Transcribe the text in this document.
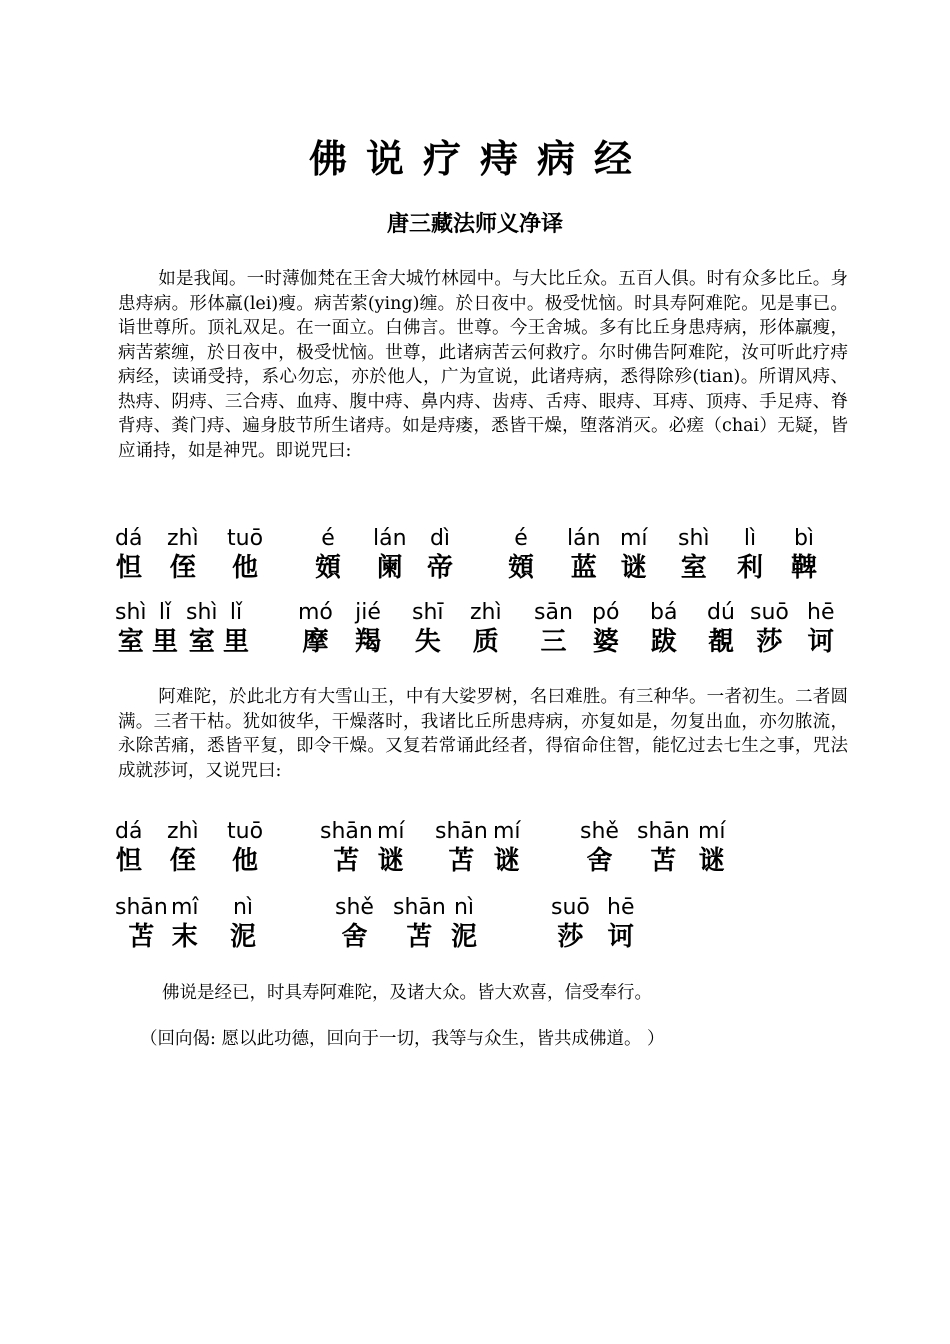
佛说疗痔病经
唐三藏法师义净译

如是我闻。一时薄伽梵在王舍大城竹林园中。与大比丘众。五百人俱。时有众多比丘。身患痔病。形体羸(lei)瘦。病苦萦(ying)缠。於日夜中。极受忧恼。时具寿阿难陀。见是事已。诣世尊所。顶礼双足。在一面立。白佛言。世尊。今王舍城。多有比丘身患痔病，形体羸瘦，病苦萦缠，於日夜中，极受忧恼。世尊，此诸病苦云何救疗。尔时佛告阿难陀，汝可听此疗痔病经，读诵受持，系心勿忘，亦於他人，广为宣说，此诸痔病，悉得除殄(tian)。所谓风痔、热痔、阴痔、三合痔、血痔、腹中痔、鼻内痔、齿痔、舌痔、眼痔、耳痔、顶痔、手足痔、脊背痔、粪门痔、遍身肢节所生诸痔。如是痔瘘，悉皆干燥，堕落消灭。必瘥（chai）无疑，皆应诵持，如是神咒。即说咒曰:

dá
怛
zhì
侄
tuō
他
é
頞
lán
阑
dì
帝
é
頞
lán
蓝
mí
谜
shì
室
lì
利
bì
鞞
shì
室
lǐ
里
shì
室
lǐ
里
mó
摩
jié
羯
shī
失
zhì
质
sān
三
pó
婆
bá
跋
dú
覩
suō
莎
hē
诃

阿难陀，於此北方有大雪山王，中有大娑罗树，名曰难胜。有三种华。一者初生。二者圆满。三者干枯。犹如彼华，干燥落时，我诸比丘所患痔病，亦复如是，勿复出血，亦勿脓流，永除苦痛，悉皆平复，即令干燥。又复若常诵此经者，得宿命住智，能忆过去七生之事，咒法成就莎诃，又说咒曰:

dá
怛
zhì
侄
tuō
他
shān
苫
mí
谜
shān
苫
mí
谜
shě
舍
shān
苫
mí
谜
shān
苫
mî
末
nì
泥
shě
舍
shān
苫
nì
泥
suō
莎
hē
诃

佛说是经已，时具寿阿难陀，及诸大众。皆大欢喜，信受奉行。

（回向偈: 愿以此功德，回向于一切，我等与众生，皆共成佛道。 ）
